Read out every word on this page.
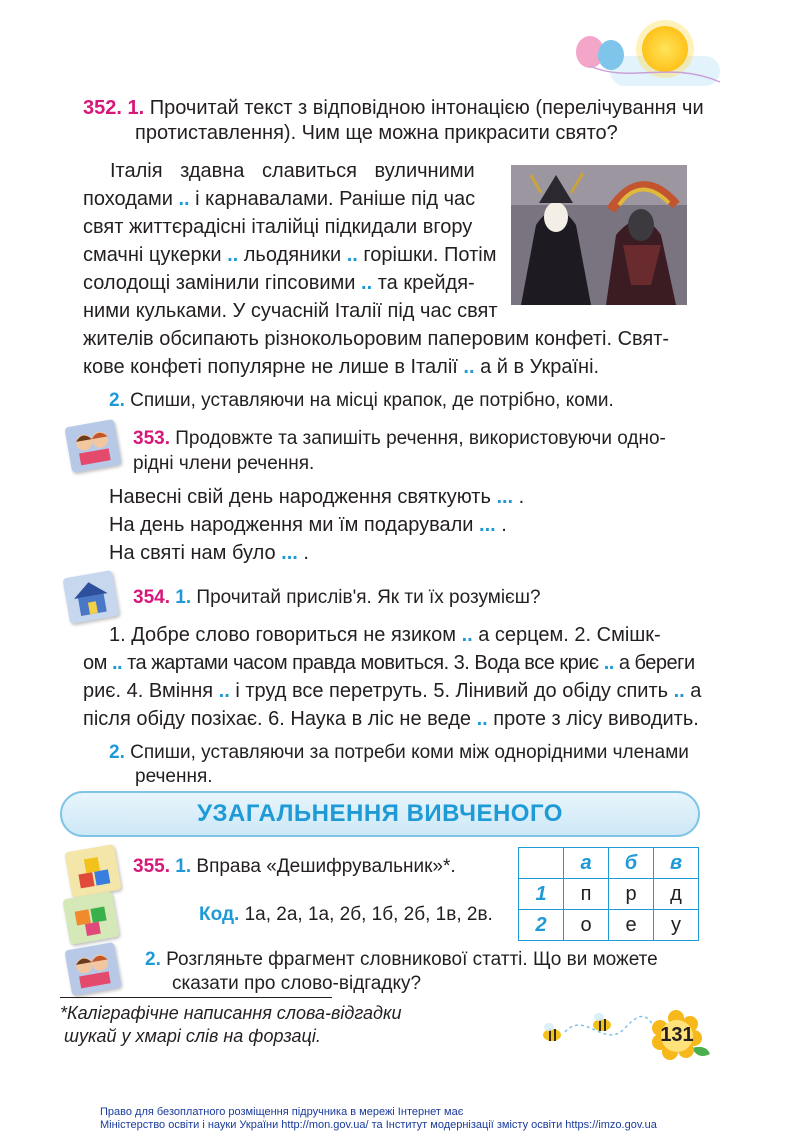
352. 1. Прочитай текст з відповідною інтонацією (перелічування чи
протиставлення). Чим ще можна прикрасити свято?
Італія здавна славиться вуличними
походами .. і карнавалами. Раніше під час
свят життєрадісні італійці підкидали вгору
смачні цукерки .. льодяники .. горішки. Потім
солодощі замінили гіпсовими .. та крейдя-
ними кульками. У сучасній Італії під час свят
жителів обсипають різнокольоровим паперовим конфеті. Свят-
кове конфеті популярне не лише в Італії .. а й в Україні.
2. Спиши, уставляючи на місці крапок, де потрібно, коми.
353. Продовжте та запишіть речення, використовуючи одно-
рідні члени речення.
Навесні свій день народження святкують ... .
На день народження ми їм подарували ... .
На святі нам було ... .
354. 1. Прочитай прислів'я. Як ти їх розумієш?
1. Добре слово говориться не язиком .. а серцем. 2. Смішк-
ом .. та жартами часом правда мовиться. 3. Вода все криє .. а береги
риє. 4. Вміння .. і труд все перетруть. 5. Лінивий до обіду спить .. а
після обіду позіхає. 6. Наука в ліс не веде .. проте з лісу виводить.
2. Спиши, уставляючи за потреби коми між однорідними членами
речення.
УЗАГАЛЬНЕННЯ ВИВЧЕНОГО
355. 1. Вправа «Дешифрувальник»*.
Код. 1а, 2а, 1а, 2б, 1б, 2б, 1в, 2в.
	а	б	в
1	п	р	д
2	о	е	у
2. Розгляньте фрагмент словникової статті. Що ви можете
сказати про слово-відгадку?
*Каліграфічне написання слова-відгадки
шукай у хмарі слів на форзаці.	131
Право для безоплатного розміщення підручника в мережі Інтернет має
Міністерство освіти і науки України http://mon.gov.ua/ та Інститут модернізації змісту освіти https://imzo.gov.ua
